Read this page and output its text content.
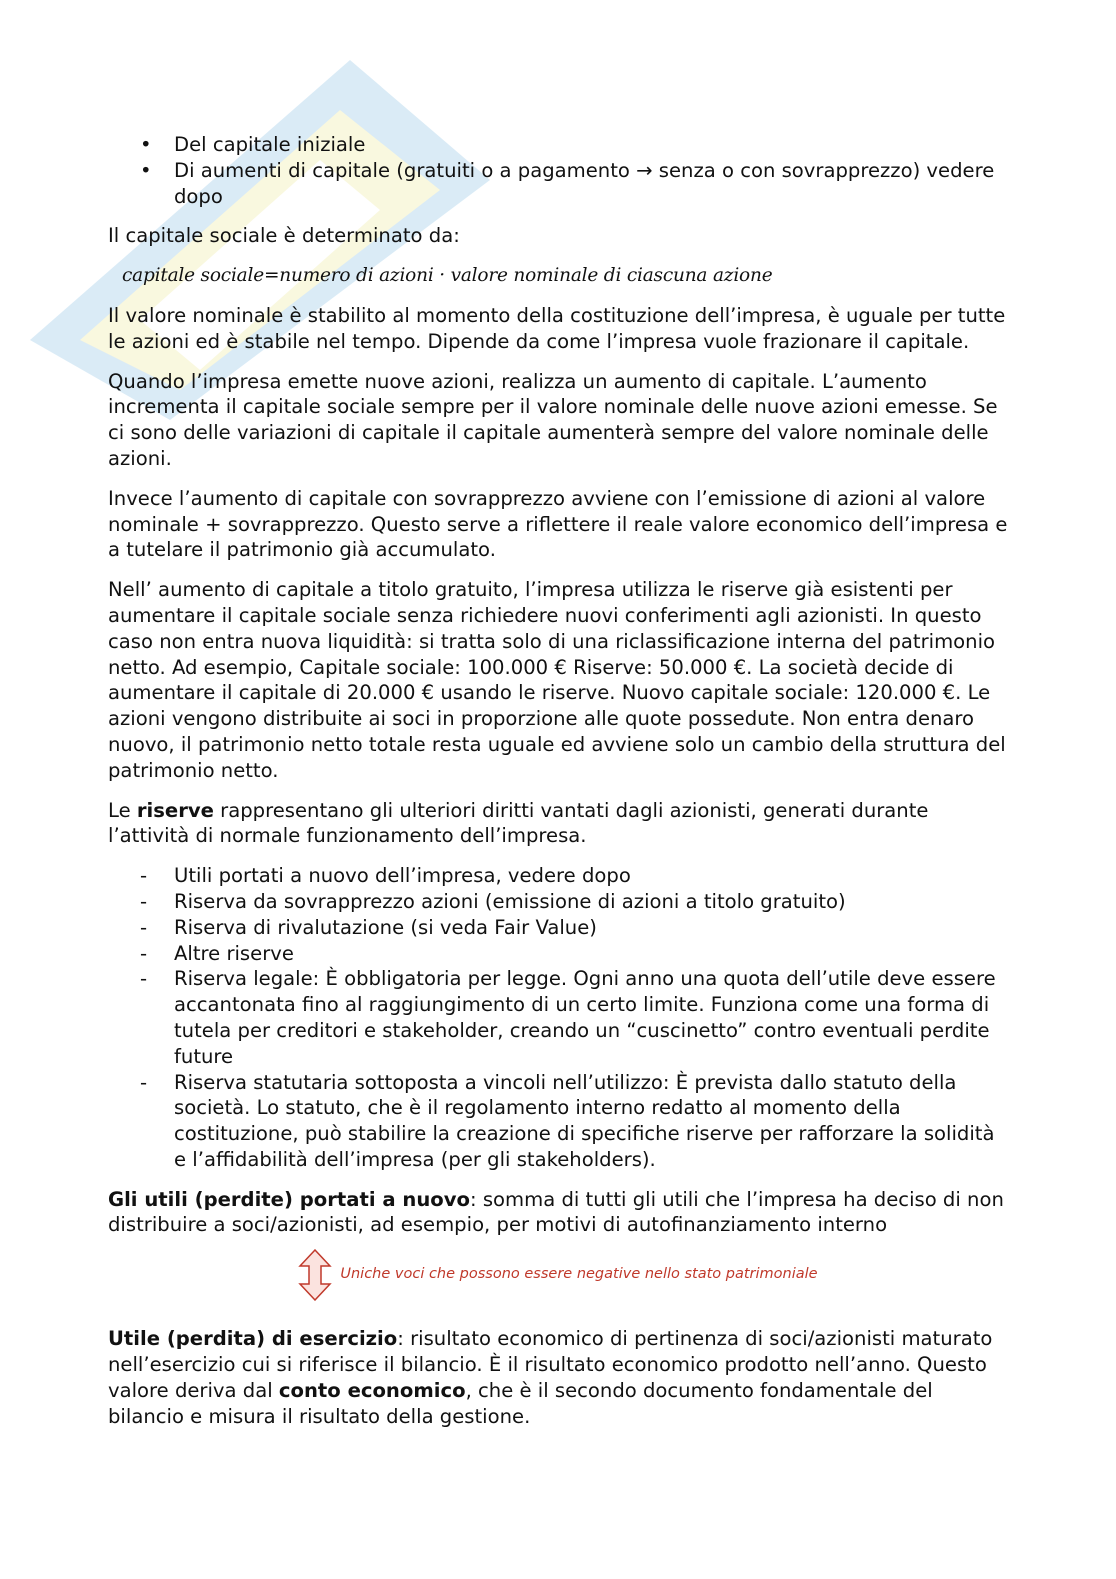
• Del capitale iniziale
• Di aumenti di capitale (gratuiti o a pagamento → senza o con sovrapprezzo) vedere dopo

Il capitale sociale è determinato da:

capitale sociale=numero di azioni · valore nominale di ciascuna azione

Il valore nominale è stabilito al momento della costituzione dell’impresa, è uguale per tutte le azioni ed è stabile nel tempo. Dipende da come l’impresa vuole frazionare il capitale.

Quando l’impresa emette nuove azioni, realizza un aumento di capitale. L’aumento incrementa il capitale sociale sempre per il valore nominale delle nuove azioni emesse. Se ci sono delle variazioni di capitale il capitale aumenterà sempre del valore nominale delle azioni.

Invece l’aumento di capitale con sovrapprezzo avviene con l’emissione di azioni al valore nominale + sovrapprezzo. Questo serve a riflettere il reale valore economico dell’impresa e a tutelare il patrimonio già accumulato.

Nell’ aumento di capitale a titolo gratuito, l’impresa utilizza le riserve già esistenti per aumentare il capitale sociale senza richiedere nuovi conferimenti agli azionisti. In questo caso non entra nuova liquidità: si tratta solo di una riclassificazione interna del patrimonio netto. Ad esempio, Capitale sociale: 100.000 € Riserve: 50.000 €. La società decide di aumentare il capitale di 20.000 € usando le riserve. Nuovo capitale sociale: 120.000 €. Le azioni vengono distribuite ai soci in proporzione alle quote possedute. Non entra denaro nuovo, il patrimonio netto totale resta uguale ed avviene solo un cambio della struttura del patrimonio netto.

Le riserve rappresentano gli ulteriori diritti vantati dagli azionisti, generati durante l’attività di normale funzionamento dell’impresa.

- Utili portati a nuovo dell’impresa, vedere dopo
- Riserva da sovrapprezzo azioni (emissione di azioni a titolo gratuito)
- Riserva di rivalutazione (si veda Fair Value)
- Altre riserve
- Riserva legale: È obbligatoria per legge. Ogni anno una quota dell’utile deve essere accantonata fino al raggiungimento di un certo limite. Funziona come una forma di tutela per creditori e stakeholder, creando un “cuscinetto” contro eventuali perdite future
- Riserva statutaria sottoposta a vincoli nell’utilizzo: È prevista dallo statuto della società. Lo statuto, che è il regolamento interno redatto al momento della costituzione, può stabilire la creazione di specifiche riserve per rafforzare la solidità e l’affidabilità dell’impresa (per gli stakeholders).

Gli utili (perdite) portati a nuovo: somma di tutti gli utili che l’impresa ha deciso di non distribuire a soci/azionisti, ad esempio, per motivi di autofinanziamento interno

Uniche voci che possono essere negative nello stato patrimoniale

Utile (perdita) di esercizio: risultato economico di pertinenza di soci/azionisti maturato nell’esercizio cui si riferisce il bilancio. È il risultato economico prodotto nell’anno. Questo valore deriva dal conto economico, che è il secondo documento fondamentale del bilancio e misura il risultato della gestione.
